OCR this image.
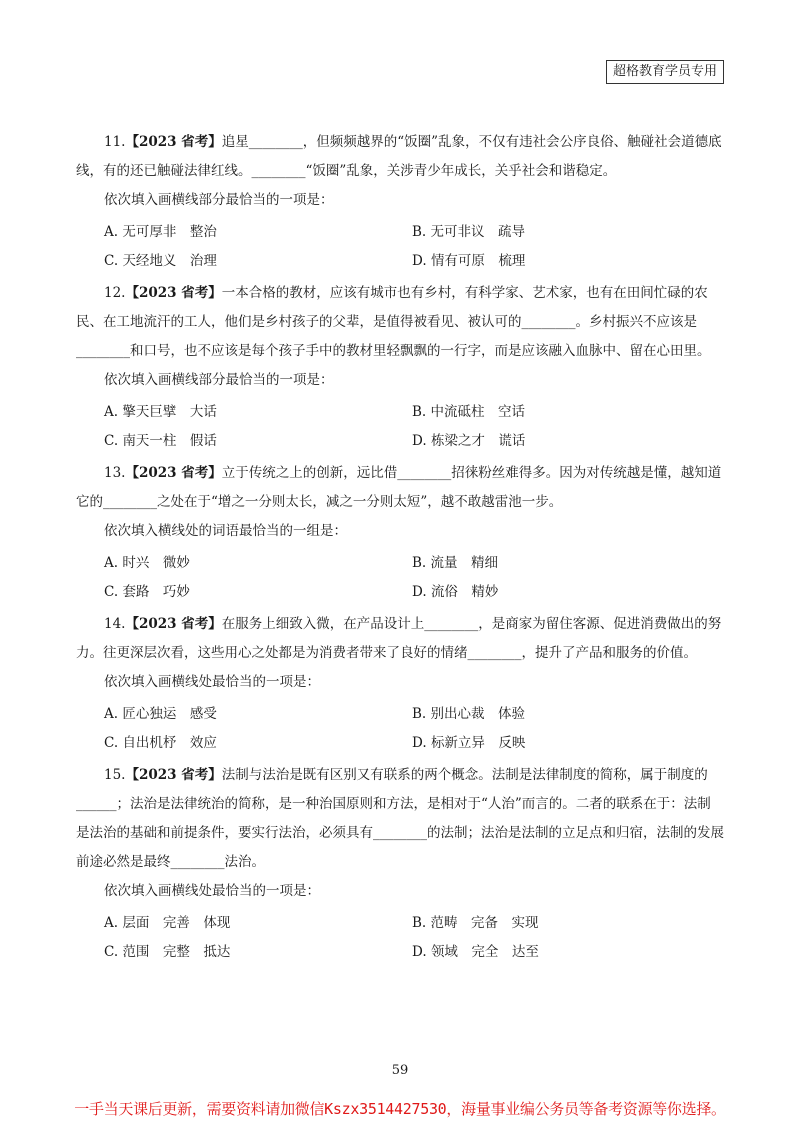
超格教育学员专用

11.【2023 省考】追星________，但频频越界的“饭圈”乱象，不仅有违社会公序良俗、触碰社会道德底线，有的还已触碰法律红线。________“饭圈”乱象，关涉青少年成长，关乎社会和谐稳定。

依次填入画横线部分最恰当的一项是：

A. 无可厚非　整治	B. 无可非议　疏导
C. 天经地义　治理	D. 情有可原　梳理

12.【2023 省考】一本合格的教材，应该有城市也有乡村，有科学家、艺术家，也有在田间忙碌的农民、在工地流汗的工人，他们是乡村孩子的父辈，是值得被看见、被认可的________。乡村振兴不应该是________和口号，也不应该是每个孩子手中的教材里轻飘飘的一行字，而是应该融入血脉中、留在心田里。

依次填入画横线部分最恰当的一项是：

A. 擎天巨擘　大话	B. 中流砥柱　空话
C. 南天一柱　假话	D. 栋梁之才　谎话

13.【2023 省考】立于传统之上的创新，远比借________招徕粉丝难得多。因为对传统越是懂，越知道它的________之处在于“增之一分则太长，减之一分则太短”，越不敢越雷池一步。

依次填入横线处的词语最恰当的一组是：

A. 时兴　微妙	B. 流量　精细
C. 套路　巧妙	D. 流俗　精妙

14.【2023 省考】在服务上细致入微，在产品设计上________，是商家为留住客源、促进消费做出的努力。往更深层次看，这些用心之处都是为消费者带来了良好的情绪________，提升了产品和服务的价值。

依次填入画横线处最恰当的一项是：

A. 匠心独运　感受	B. 别出心裁　体验
C. 自出机杼　效应	D. 标新立异　反映

15.【2023 省考】法制与法治是既有区别又有联系的两个概念。法制是法律制度的简称，属于制度的______；法治是法律统治的简称，是一种治国原则和方法，是相对于“人治”而言的。二者的联系在于：法制是法治的基础和前提条件，要实行法治，必须具有________的法制；法治是法制的立足点和归宿，法制的发展前途必然是最终________法治。

依次填入画横线处最恰当的一项是：

A. 层面　完善　体现	B. 范畴　完备　实现
C. 范围　完整　抵达	D. 领域　完全　达至
59
一手当天课后更新，需要资料请加微信Kszx3514427530，海量事业编公务员等备考资源等你选择。
